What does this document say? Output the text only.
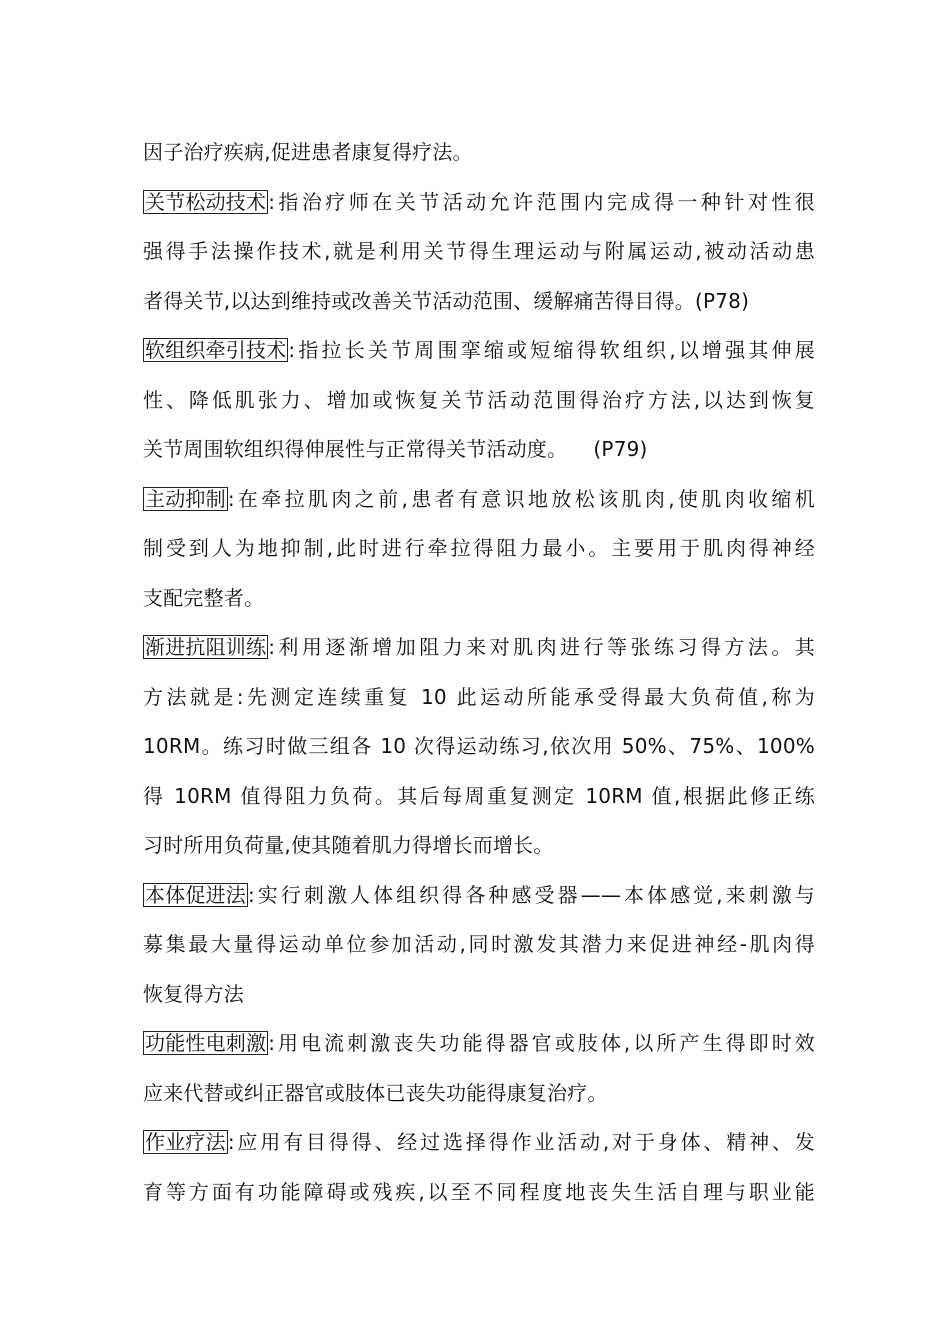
因子治疗疾病,促进患者康复得疗法。
关节松动技术 :指治疗师在关节活动允许范围内完成得一种针对性很
强得手法操作技术,就是利用关节得生理运动与附属运动,被动活动患
者得关节,以达到维持或改善关节活动范围、缓解痛苦得目得。(P78)
软组织牵引技术 :指拉长关节周围挛缩或短缩得软组织,以增强其伸展
性、降低肌张力、增加或恢复关节活动范围得治疗方法,以达到恢复
关节周围软组织得伸展性与正常得关节活动度。    (P79)
主动抑制 :在牵拉肌肉之前,患者有意识地放松该肌肉,使肌肉收缩机
制受到人为地抑制,此时进行牵拉得阻力最小。主要用于肌肉得神经
支配完整者。
渐进抗阻训练 :利用逐渐增加阻力来对肌肉进行等张练习得方法。其
方法就是:先测定连续重复 10 此运动所能承受得最大负荷值,称为
10RM。练习时做三组各 10 次得运动练习,依次用 50%、75%、100%
得 10RM 值得阻力负荷。其后每周重复测定 10RM 值,根据此修正练
习时所用负荷量,使其随着肌力得增长而增长。
本体促进法 :实行刺激人体组织得各种感受器——本体感觉,来刺激与
募集最大量得运动单位参加活动,同时激发其潜力来促进神经-肌肉得
恢复得方法
功能性电刺激 :用电流刺激丧失功能得器官或肢体,以所产生得即时效
应来代替或纠正器官或肢体已丧失功能得康复治疗。
作业疗法 :应用有目得得、经过选择得作业活动,对于身体、精神、发
育等方面有功能障碍或残疾,以至不同程度地丧失生活自理与职业能
